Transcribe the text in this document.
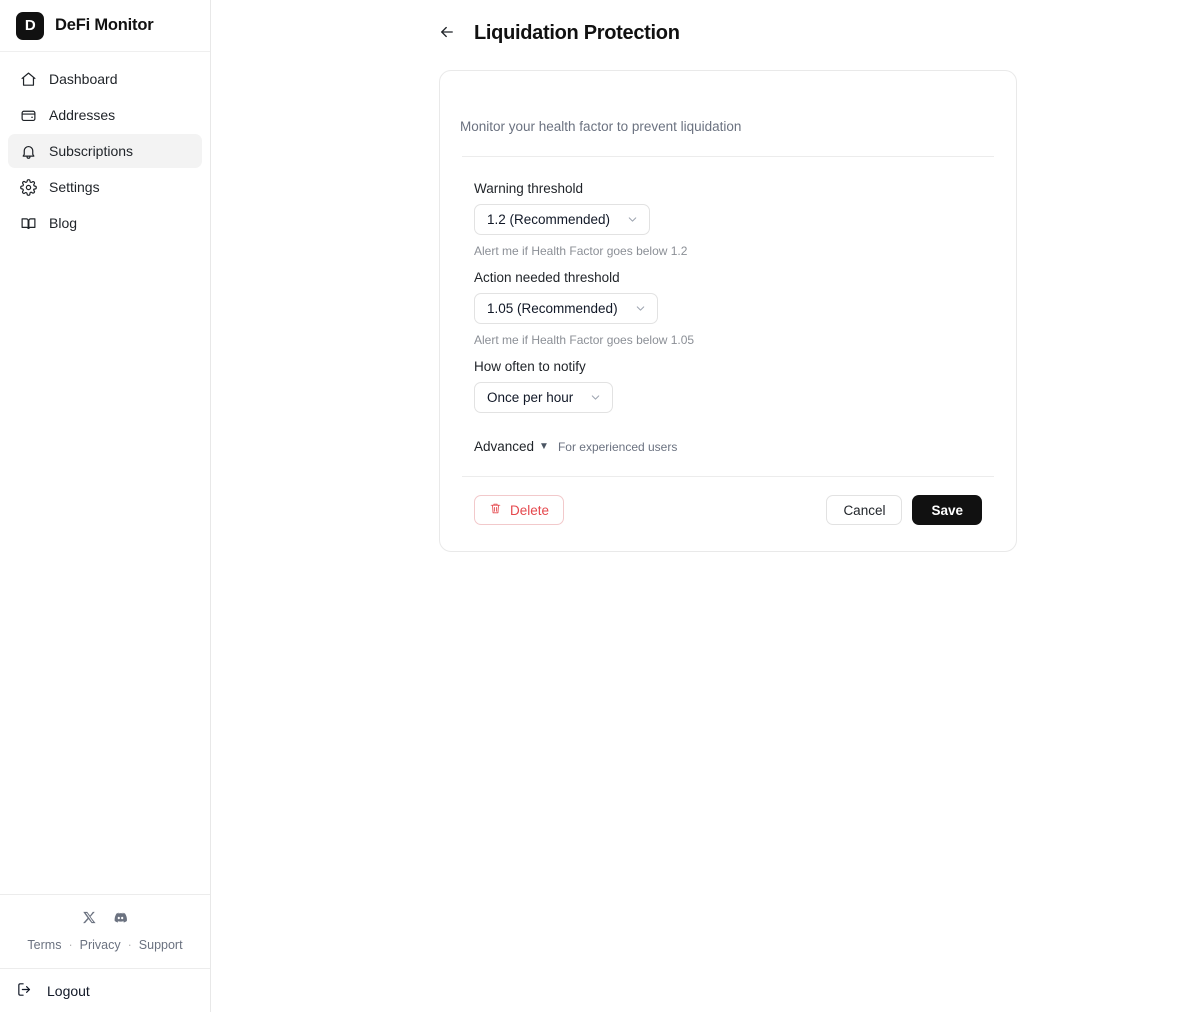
D	DeFi Monitor
Dashboard
Addresses
Subscriptions
Settings
Blog
Terms · Privacy · Support
Logout
Liquidation Protection
Monitor your health factor to prevent liquidation
Warning threshold
1.2 (Recommended)
Alert me if Health Factor goes below 1.2
Action needed threshold
1.05 (Recommended)
Alert me if Health Factor goes below 1.05
How often to notify
Once per hour
Advanced ▼ For experienced users
Delete	Cancel	Save
